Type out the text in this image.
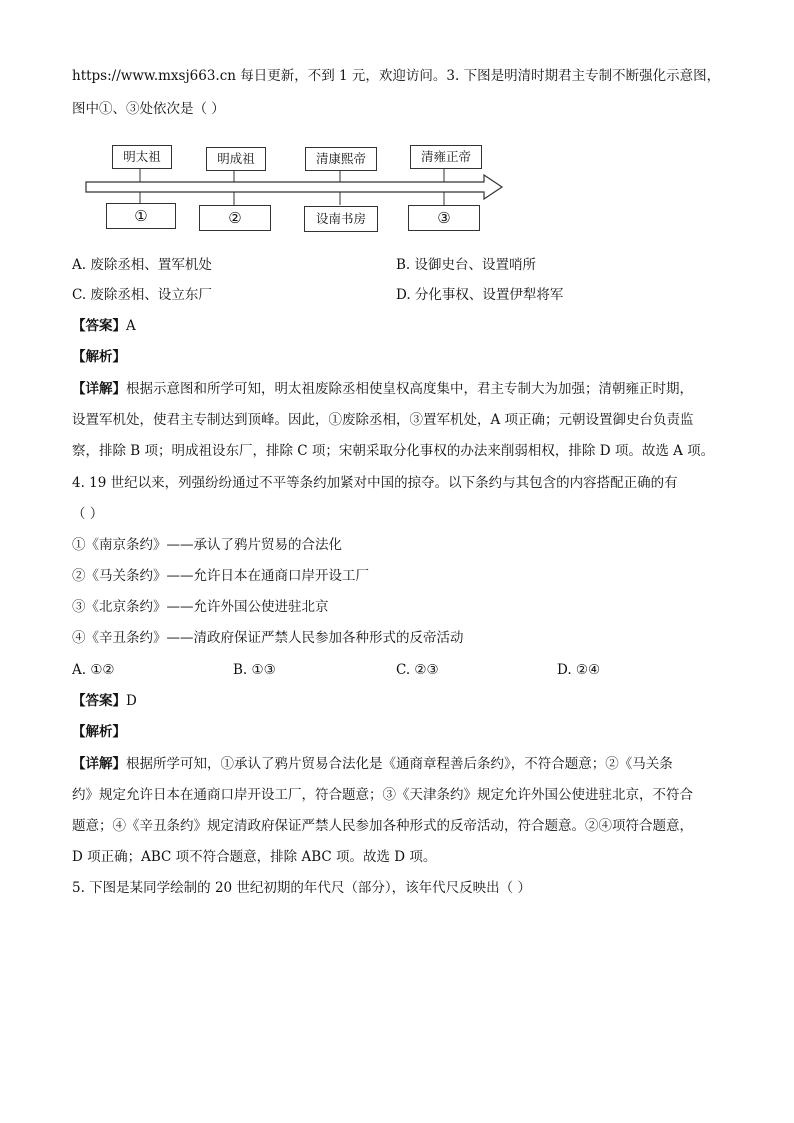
https://www.mxsj663.cn 每日更新，不到 1 元，欢迎访问。3. 下图是明清时期君主专制不断强化示意图，
图中①、③处依次是（ ）
明太祖	明成祖	清康熙帝	清雍正帝
①	②	设南书房	③
A. 废除丞相、置军机处	B. 设御史台、设置哨所
C. 废除丞相、设立东厂	D. 分化事权、设置伊犁将军
【答案】A
【解析】
【详解】根据示意图和所学可知，明太祖废除丞相使皇权高度集中，君主专制大为加强；清朝雍正时期，
设置军机处，使君主专制达到顶峰。因此，①废除丞相，③置军机处，A 项正确；元朝设置御史台负责监
察，排除 B 项；明成祖设东厂，排除 C 项；宋朝采取分化事权的办法来削弱相权，排除 D 项。故选 A 项。
4. 19 世纪以来，列强纷纷通过不平等条约加紧对中国的掠夺。以下条约与其包含的内容搭配正确的有
（ ）
①《南京条约》——承认了鸦片贸易的合法化
②《马关条约》——允许日本在通商口岸开设工厂
③《北京条约》——允许外国公使进驻北京
④《辛丑条约》——清政府保证严禁人民参加各种形式的反帝活动
A. ①②	B. ①③	C. ②③	D. ②④
【答案】D
【解析】
【详解】根据所学可知，①承认了鸦片贸易合法化是《通商章程善后条约》，不符合题意；②《马关条
约》规定允许日本在通商口岸开设工厂，符合题意；③《天津条约》规定允许外国公使进驻北京，不符合
题意；④《辛丑条约》规定清政府保证严禁人民参加各种形式的反帝活动，符合题意。②④项符合题意，
D 项正确；ABC 项不符合题意，排除 ABC 项。故选 D 项。
5. 下图是某同学绘制的 20 世纪初期的年代尺（部分），该年代尺反映出（ ）
